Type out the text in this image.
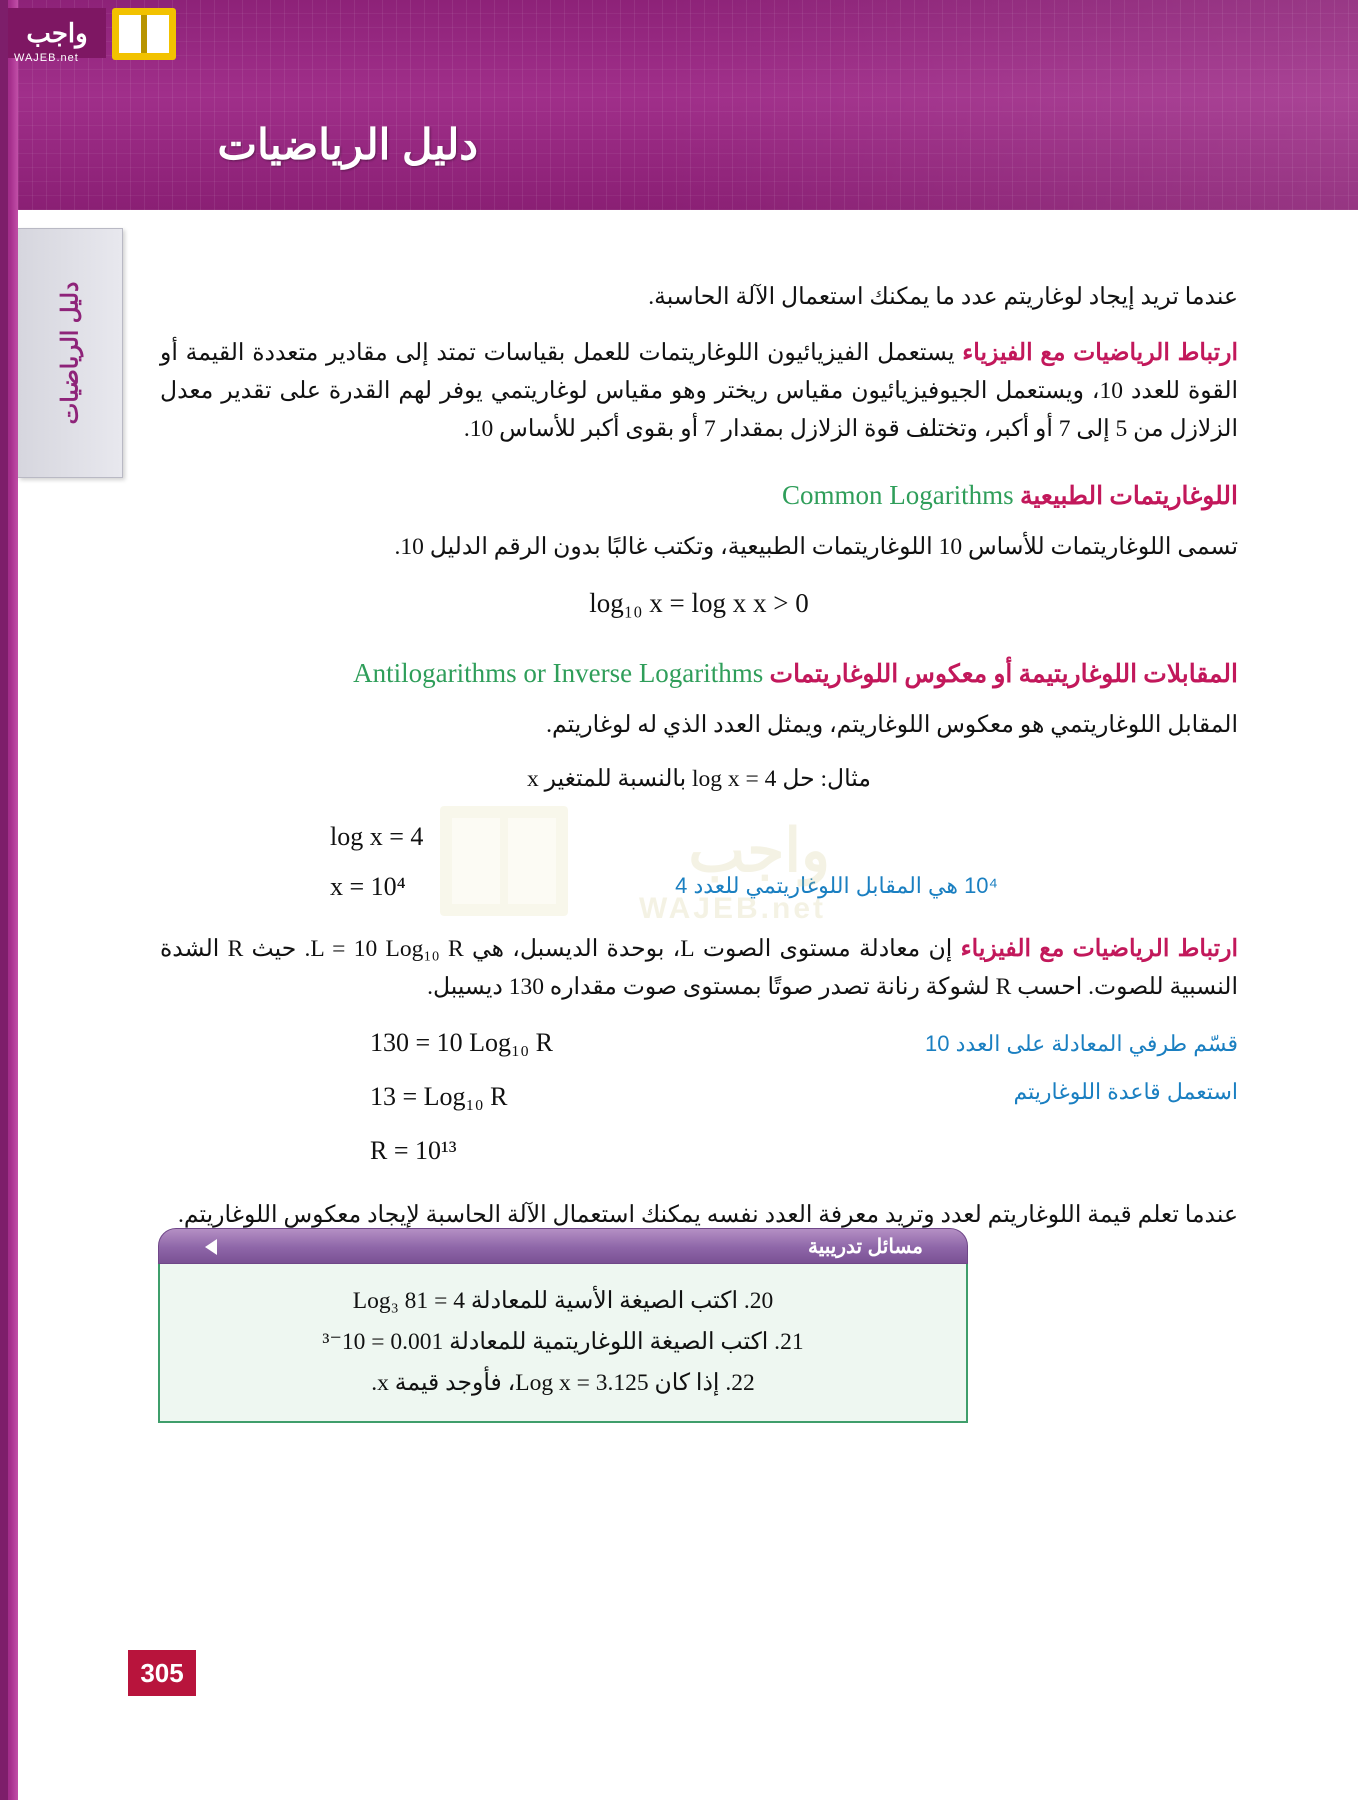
دليل الرياضيات
واجب
WAJEB.net
دليل الرياضيات	عندما تريد إيجاد لوغاريتم عدد ما يمكنك استعمال الآلة الحاسبة.

ارتباط الرياضيات مع الفيزياء يستعمل الفيزيائيون اللوغاريتمات للعمل بقياسات تمتد إلى مقادير متعددة القيمة أو القوة للعدد 10، ويستعمل الجيوفيزيائيون مقياس ريختر وهو مقياس لوغاريتمي يوفر لهم القدرة على تقدير معدل الزلازل من 5 إلى 7 أو أكبر، وتختلف قوة الزلازل بمقدار 7 أو بقوى أكبر للأساس 10.

اللوغاريتمات الطبيعية Common Logarithms

تسمى اللوغاريتمات للأساس 10 اللوغاريتمات الطبيعية، وتكتب غالبًا بدون الرقم الدليل 10.

log₁₀ x = log x x > 0
المقابلات اللوغاريتيمة أو معكوس اللوغاريتمات Antilogarithms or Inverse Logarithms

المقابل اللوغاريتمي هو معكوس اللوغاريتم، ويمثل العدد الذي له لوغاريتم.

مثال: حل log x = 4 بالنسبة للمتغير x

log x = 4
x = 10⁴	10⁴ هي المقابل اللوغاريتمي للعدد 4

ارتباط الرياضيات مع الفيزياء إن معادلة مستوى الصوت L، بوحدة الديسبل، هي L = 10 Log₁₀ R. حيث R الشدة النسبية للصوت. احسب R لشوكة رنانة تصدر صوتًا بمستوى صوت مقداره 130 ديسيبل.

130 = 10 Log₁₀ R
13 = Log₁₀ R
R = 10¹³
قسّم طرفي المعادلة على العدد 10
استعمل قاعدة اللوغاريتم

عندما تعلم قيمة اللوغاريتم لعدد وتريد معرفة العدد نفسه يمكنك استعمال الآلة الحاسبة لإيجاد معكوس اللوغاريتم.

واجب
WAJEB.net
مسائل تدريبية
20. اكتب الصيغة الأسية للمعادلة 4 = Log₃ 81
21. اكتب الصيغة اللوغاريتمية للمعادلة 0.001 = 10⁻³
22. إذا كان Log x = 3.125، فأوجد قيمة x.
305
